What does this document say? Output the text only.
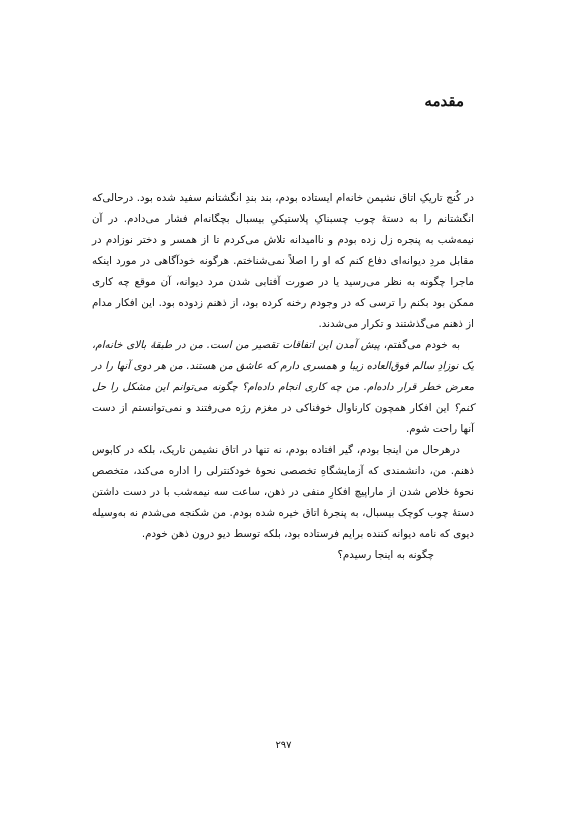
مقدمه

در کُنج تاریکِ اتاق نشیمن خانه‌ام ایستاده بودم، بند بندِ انگشتانم سفید شده بود. درحالی‌که انگشتانم را به دستهٔ چوب چسبناکِ پلاستیکیِ بیسبال بچگانه‌ام فشار می‌دادم. در آن نیمه‌شب به پنجره زل زده بودم و ناامیدانه تلاش می‌کردم تا از همسر و دختر نوزادم در مقابل مردِ دیوانه‌ای دفاع کنم که او را اصلاً نمی‌شناختم. هرگونه خودآگاهی در مورد اینکه ماجرا چگونه به نظر می‌رسید یا در صورت آفتابی شدن مرد دیوانه، آن موقع چه کاری ممکن بود بکنم را ترسی که در وجودم رخنه کرده بود، از ذهنم زدوده بود. این افکار مدام از ذهنم می‌گذشتند و تکرار می‌شدند.

به خودم می‌گفتم، پیش آمدن این اتفاقات تقصیر من است. من در طبقهٔ بالای خانه‌ام، یک نوزادِ سالم فوق‌العاده زیبا و همسری دارم که عاشق من هستند. من هر دوی آنها را در معرض خطر قرار داده‌ام. من چه کاری انجام داده‌ام؟ چگونه می‌توانم این مشکل را حل کنم؟ این افکار همچون کارناوال خوفناکی در مغزم رژه می‌رفتند و نمی‌توانستم از دست آنها راحت شوم.

درهرحال من اینجا بودم، گیر افتاده بودم، نه تنها در اتاق نشیمن تاریک، بلکه در کابوس ذهنم. من، دانشمندی که آزمایشگاهِ تخصصی نحوهٔ خودکنترلی را اداره می‌کند، متخصص نحوهٔ خلاص شدن از ماراپیچ افکارِ منفی در ذهن، ساعت سه نیمه‌شب با در دست داشتن دستهٔ چوب کوچک بیسبال، به پنجرهٔ اتاق خیره شده بودم. من شکنجه می‌شدم نه به‌وسیله دیوی که نامه دیوانه کننده برایم فرستاده بود، بلکه توسط دیو درون ذهن خودم.

چگونه به اینجا رسیدم؟

۲۹۷
